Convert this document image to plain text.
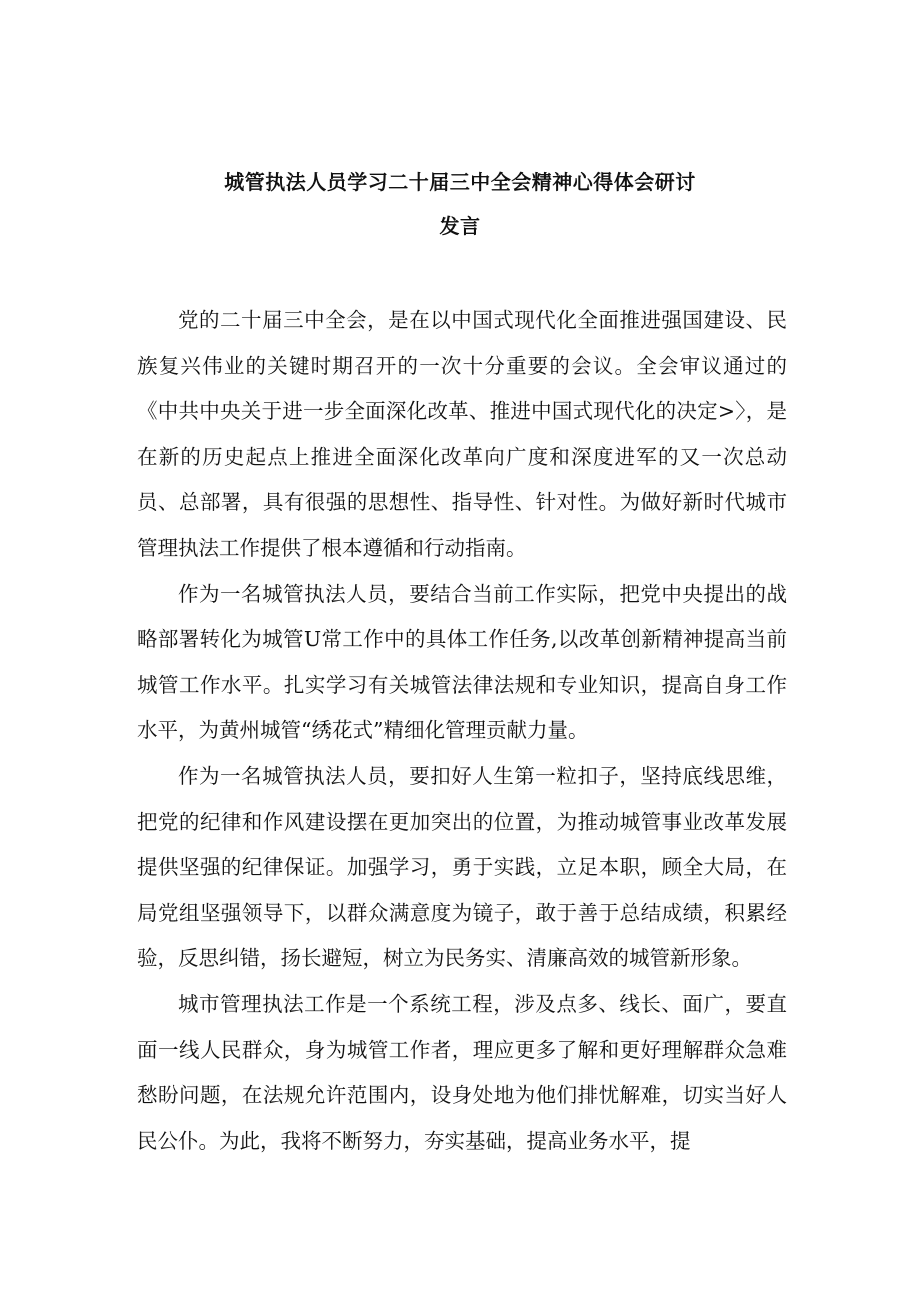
城管执法人员学习二十届三中全会精神心得体会研讨
发言

党的二十届三中全会，是在以中国式现代化全面推进强国建设、民族复兴伟业的关键时期召开的一次十分重要的会议。全会审议通过的《中共中央关于进一步全面深化改革、推进中国式现代化的决定>〉，是在新的历史起点上推进全面深化改革向广度和深度进军的又一次总动员、总部署，具有很强的思想性、指导性、针对性。为做好新时代城市管理执法工作提供了根本遵循和行动指南。

作为一名城管执法人员，要结合当前工作实际，把党中央提出的战略部署转化为城管U常工作中的具体工作任务,以改革创新精神提高当前城管工作水平。扎实学习有关城管法律法规和专业知识，提高自身工作水平，为黄州城管“绣花式”精细化管理贡献力量。

作为一名城管执法人员，要扣好人生第一粒扣子，坚持底线思维，把党的纪律和作风建设摆在更加突出的位置，为推动城管事业改革发展提供坚强的纪律保证。加强学习，勇于实践，立足本职，顾全大局，在局党组坚强领导下，以群众满意度为镜子，敢于善于总结成绩，积累经验，反思纠错，扬长避短，树立为民务实、清廉高效的城管新形象。

城市管理执法工作是一个系统工程，涉及点多、线长、面广，要直面一线人民群众，身为城管工作者，理应更多了解和更好理解群众急难愁盼问题，在法规允许范围内，设身处地为他们排忧解难，切实当好人民公仆。为此，我将不断努力，夯实基础，提高业务水平，提
